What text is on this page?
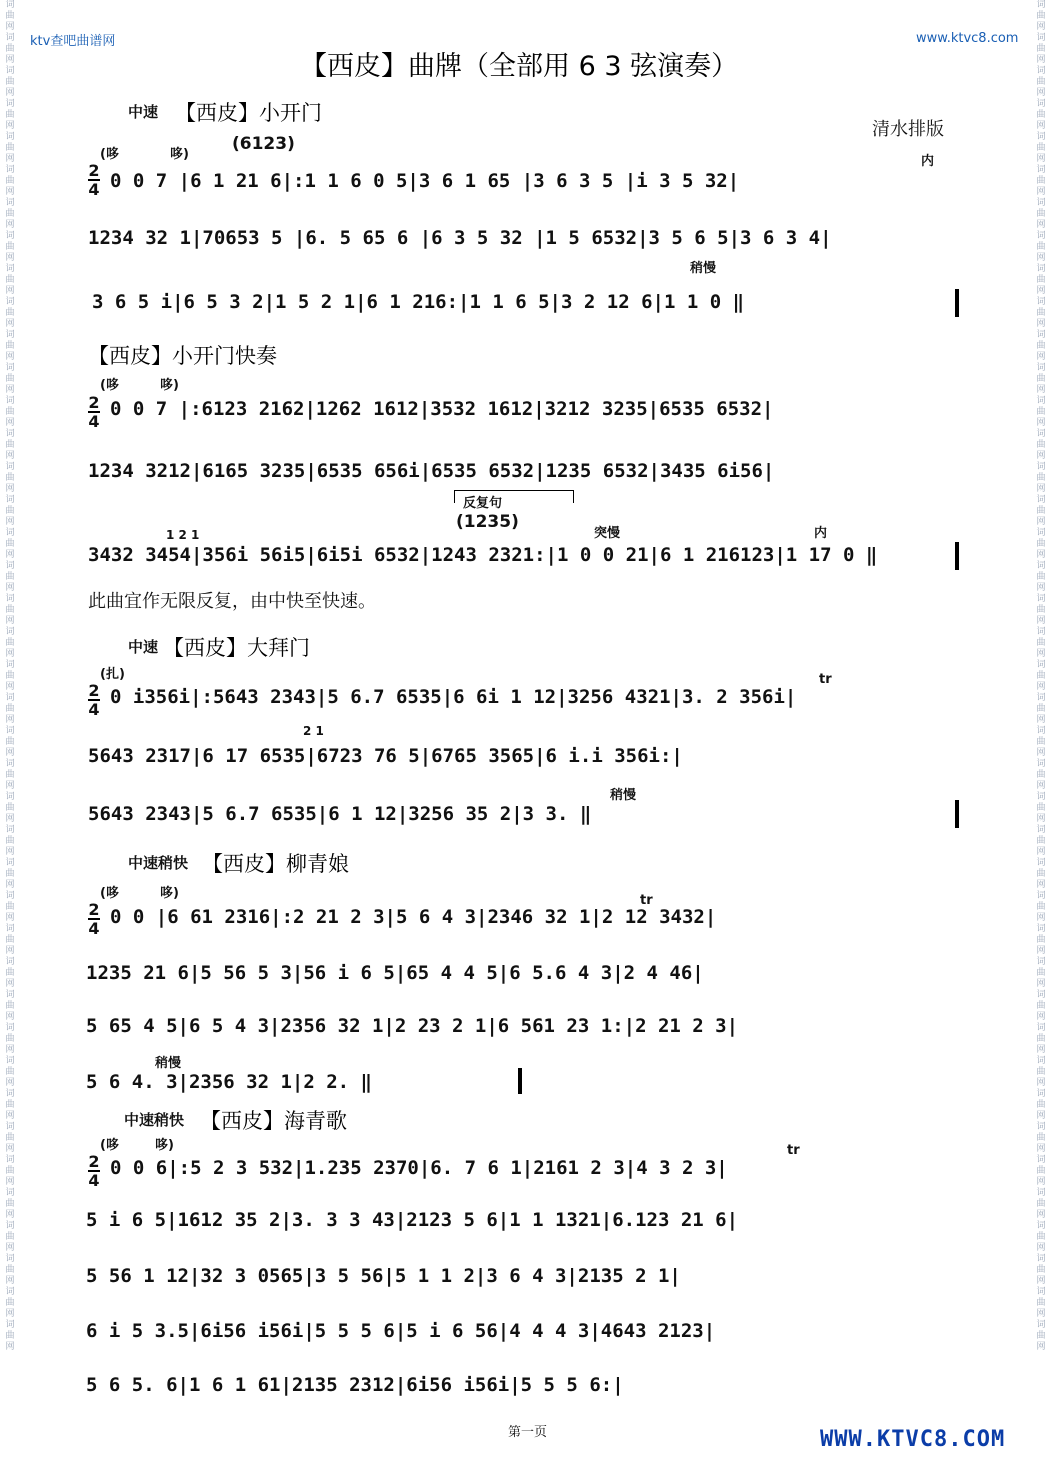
词
曲
网
词
曲
网
词
曲
网
词
曲
网
词
曲
网
词
曲
网
词
曲
网
词
曲
网
词
曲
网
词
曲
网
词
曲
网
词
曲
网
词
曲
网
词
曲
网
词
曲
网
词
曲
网
词
曲
网
词
曲
网
词
曲
网
词
曲
网
词
曲
网
词
曲
网
词
曲
网
词
曲
网
词
曲
网
词
曲
网
词
曲
网
词
曲
网
词
曲
网
词
曲
网
词
曲
网
词
曲
网
词
曲
网
词
曲
网
词
曲
网
词
曲
网
词
曲
网
词
曲
网
词
曲
网
词
曲
网
词
曲
网
词
曲
网
词
曲
网
词
曲
网
词
曲
网
词
曲
网
词
曲
网
词
曲
网
词
曲
网
词
曲
网
词
曲
网
词
曲
网
词
曲
网
词
曲
网
词
曲
网
词
曲
网
词
曲
网
词
曲
网
词
曲
网
词
曲
网
词
曲
网
词
曲
网
词
曲
网
词
曲
网
词
曲
网
词
曲
网
词
曲
网
词
曲
网
词
曲
网
词
曲
网
词
曲
网
词
曲
网
词
曲
网
词
曲
网
词
曲
网
词
曲
网
词
曲
网
词
曲
网
词
曲
网
词
曲
网
词
曲
网
词
曲
网
ktv查吧曲谱网	www.ktvc8.com
【西皮】曲牌（全部用 6 3 弦演奏）
清水排版
中速 【西皮】小开门
(哆	哆)
(6123)
内
稍慢
2
4 0 0 7 |6 1 21 6|:1 1 6 0 5|3 6 1 65 |3 6 3 5 |i 3 5 32|
1234 32 1|70653 5 |6. 5 65 6 |6 3 5 32 |1 5 6532|3 5 6 5|3 6 3 4|
3 6 5 i|6 5 3 2|1 5 2 1|6 1 216:|1 1 6 5|3 2 12 6|1 1 0 ‖
【西皮】小开门快奏
(哆	哆)
2
4
0 0 7 |:6123 2162|1262 1612|3532 1612|3212 3235|6535 6532|
1234 3212|6165 3235|6535 656i|6535 6532|1235 6532|3435 6i56|
反复句
(1235)
突慢	内
1 2 1
3432 3454|356i 56i5|6i5i 6532|1243 2321:|1 0 0 21|6 1 216123|1 17 0 ‖
此曲宜作无限反复，由中快至快速。
中速 【西皮】大拜门
(扎)	tr
2 1
稍慢
2
4
0 i356i|:5643 2343|5 6.7 6535|6 6i 1 12|3256 4321|3. 2 356i|
5643 2317|6 17 6535|6723 76 5|6765 3565|6 i.i 356i:|
5643 2343|5 6.7 6535|6 1 12|3256 35 2|3 3. ‖
中速稍快 【西皮】柳青娘
(哆	哆)	tr
稍慢
2
4
0 0 |6 61 2316|:2 21 2 3|5 6 4 3|2346 32 1|2 12 3432|
1235 21 6|5 56 5 3|56 i 6 5|65 4 4 5|6 5.6 4 3|2 4 46|
5 65 4 5|6 5 4 3|2356 32 1|2 23 2 1|6 561 23 1:|2 21 2 3|
5 6 4. 3|2356 32 1|2 2. ‖
中速稍快 【西皮】海青歌
(哆	哆)	tr
2
4
0 0 6|:5 2 3 532|1.235 2370|6. 7 6 1|2161 2 3|4 3 2 3|
5 i 6 5|1612 35 2|3. 3 3 43|2123 5 6|1 1 1321|6.123 21 6|
5 56 1 12|32 3 0565|3 5 56|5 1 1 2|3 6 4 3|2135 2 1|
6 i 5 3.5|6i56 i56i|5 5 5 6|5 i 6 56|4 4 4 3|4643 2123|
5 6 5. 6|1 6 1 61|2135 2312|6i56 i56i|5 5 5 6:|
第一页	WWW.KTVC8.COM
